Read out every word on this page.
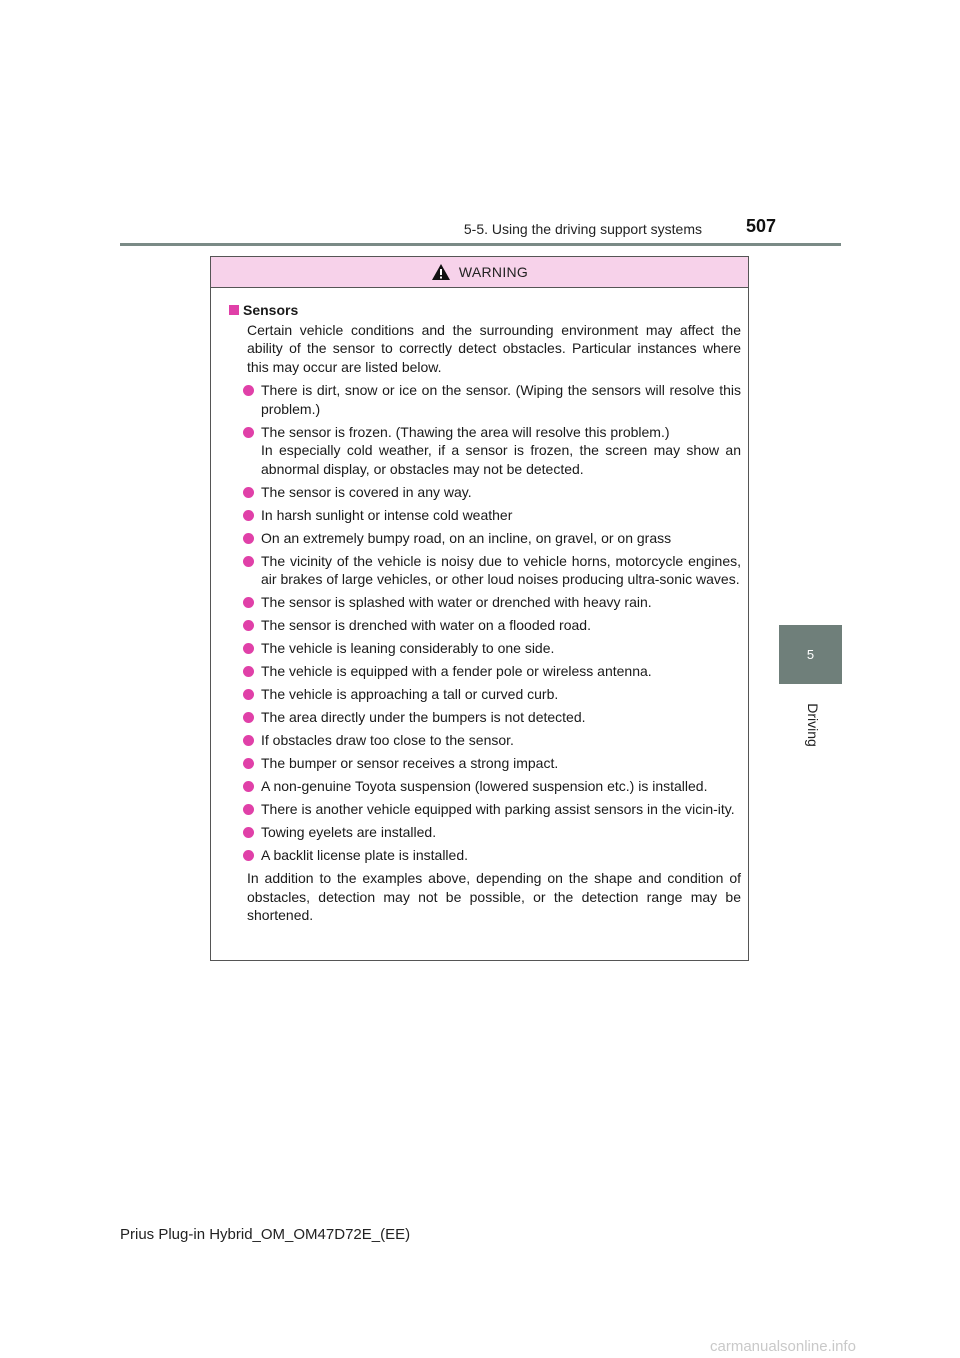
5-5. Using the driving support systems	507
5
Driving
WARNING
Sensors
Certain vehicle conditions and the surrounding environment may affect the ability of the sensor to correctly detect obstacles. Particular instances where this may occur are listed below.
There is dirt, snow or ice on the sensor. (Wiping the sensors will resolve this problem.)
The sensor is frozen. (Thawing the area will resolve this problem.)
In especially cold weather, if a sensor is frozen, the screen may show an abnormal display, or obstacles may not be detected.
The sensor is covered in any way.
In harsh sunlight or intense cold weather
On an extremely bumpy road, on an incline, on gravel, or on grass
The vicinity of the vehicle is noisy due to vehicle horns, motorcycle engines, air brakes of large vehicles, or other loud noises producing ultra-sonic waves.
The sensor is splashed with water or drenched with heavy rain.
The sensor is drenched with water on a flooded road.
The vehicle is leaning considerably to one side.
The vehicle is equipped with a fender pole or wireless antenna.
The vehicle is approaching a tall or curved curb.
The area directly under the bumpers is not detected.
If obstacles draw too close to the sensor.
The bumper or sensor receives a strong impact.
A non-genuine Toyota suspension (lowered suspension etc.) is installed.
There is another vehicle equipped with parking assist sensors in the vicin-ity.
Towing eyelets are installed.
A backlit license plate is installed.
In addition to the examples above, depending on the shape and condition of obstacles, detection may not be possible, or the detection range may be shortened.
Prius Plug-in Hybrid_OM_OM47D72E_(EE)
carmanualsonline.info
